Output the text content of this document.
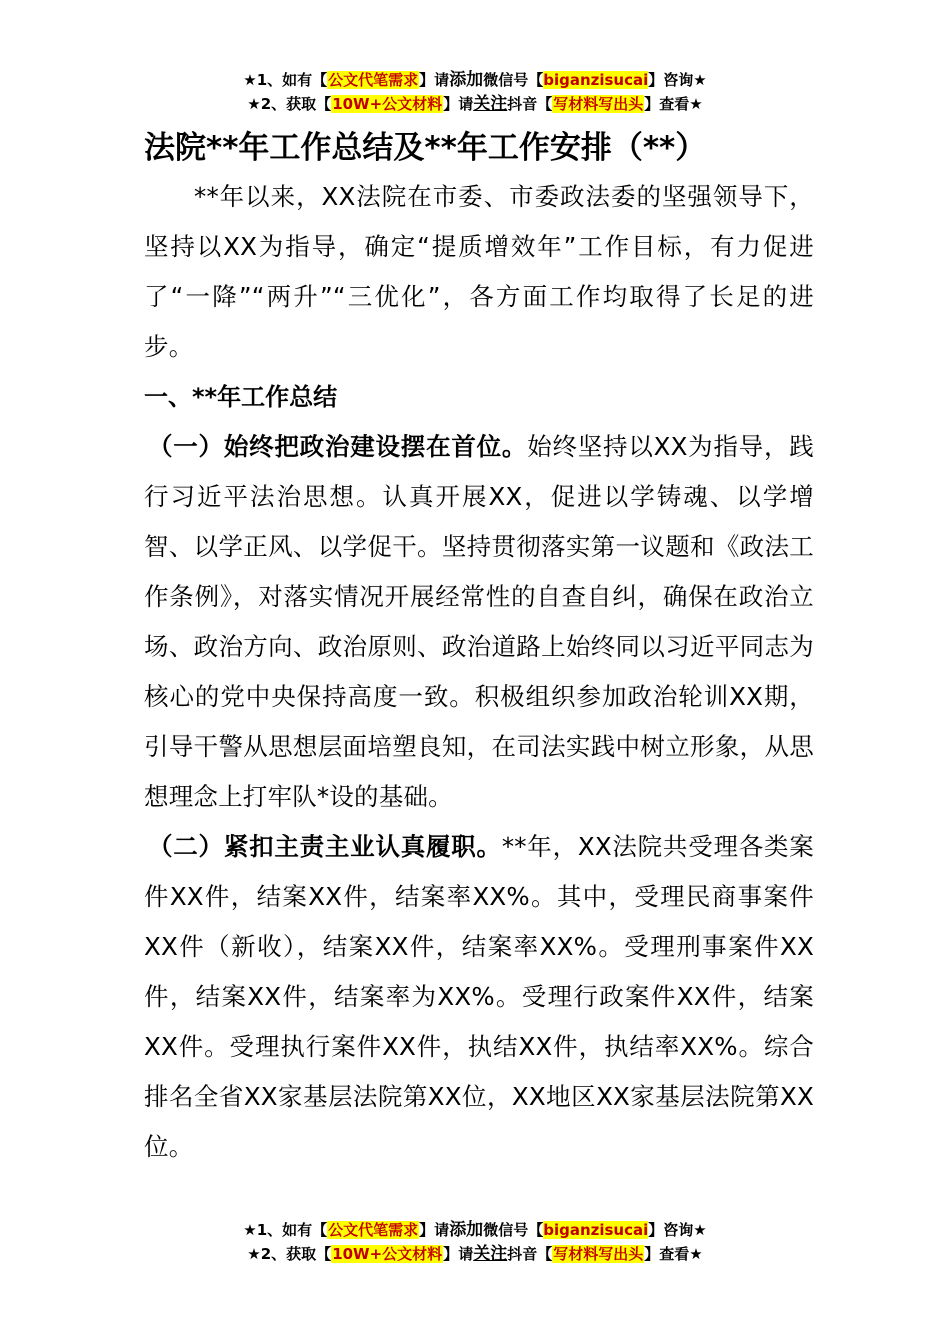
★1、如有【公文代笔需求】请添加微信号【biganzisucai】咨询★
★2、获取【10W+公文材料】请关注抖音【写材料写出头】查看★
法院**年工作总结及**年工作安排（**）

**年以来，XX法院在市委、市委政法委的坚强领导下，坚持以XX为指导，确定“提质增效年”工作目标，有力促进了“一降”“两升”“三优化”，各方面工作均取得了长足的进步。

一、**年工作总结

（一）始终把政治建设摆在首位。始终坚持以XX为指导，践行习近平法治思想。认真开展XX，促进以学铸魂、以学增智、以学正风、以学促干。坚持贯彻落实第一议题和《政法工作条例》，对落实情况开展经常性的自查自纠，确保在政治立场、政治方向、政治原则、政治道路上始终同以习近平同志为核心的党中央保持高度一致。积极组织参加政治轮训XX期，引导干警从思想层面培塑良知，在司法实践中树立形象，从思想理念上打牢队*设的基础。

（二）紧扣主责主业认真履职。**年，XX法院共受理各类案件XX件，结案XX件，结案率XX%。其中，受理民商事案件XX件（新收），结案XX件，结案率XX%。受理刑事案件XX件，结案XX件，结案率为XX%。受理行政案件XX件，结案XX件。受理执行案件XX件，执结XX件，执结率XX%。综合排名全省XX家基层法院第XX位，XX地区XX家基层法院第XX位。

★1、如有【公文代笔需求】请添加微信号【biganzisucai】咨询★
★2、获取【10W+公文材料】请关注抖音【写材料写出头】查看★
